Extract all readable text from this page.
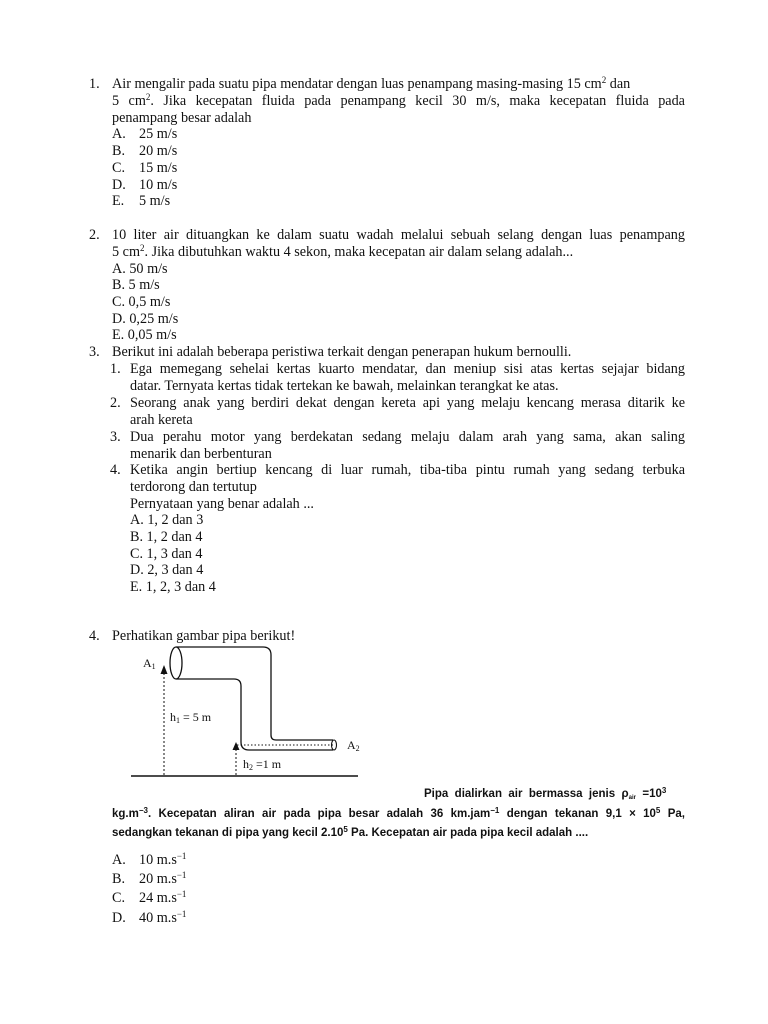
1. Air mengalir pada suatu pipa mendatar dengan luas penampang masing-masing 15 $cm^2$ dan
5 $cm^2$. Jika kecepatan fluida pada penampang kecil 30 m/s, maka kecepatan fluida pada
penampang besar adalah
A. 25 m/s
B. 20 m/s
C. 15 m/s
D. 10 m/s
E. 5 m/s
2. 10 liter air dituangkan ke dalam suatu wadah melalui sebuah selang dengan luas penampang
5 $cm^2$. Jika dibutuhkan waktu 4 sekon, maka kecepatan air dalam selang adalah...
A. 50 m/s
B. 5 m/s
C. 0,5 m/s
D. 0,25 m/s
E. 0,05 m/s
3. Berikut ini adalah beberapa peristiwa terkait dengan penerapan hukum bernoulli.
1. Ega memegang sehelai kertas kuarto mendatar, dan meniup sisi atas kertas sejajar bidang
datar. Ternyata kertas tidak tertekan ke bawah, melainkan terangkat ke atas.
2. Seorang anak yang berdiri dekat dengan kereta api yang melaju kencang merasa ditarik ke
arah kereta
3. Dua perahu motor yang berdekatan sedang melaju dalam arah yang sama, akan saling
menarik dan berbenturan
4. Ketika angin bertiup kencang di luar rumah, tiba-tiba pintu rumah yang sedang terbuka
terdorong dan tertutup
Pernyataan yang benar adalah ...
A. 1, 2 dan 3
B. 1, 2 dan 4
C. 1, 3 dan 4
D. 2, 3 dan 4
E. 1, 2, 3 dan 4
4. Perhatikan gambar pipa berikut!
$A_1$
$A_2$
$h_1 = 5$ m
$h_2 =1$ m
Pipa  dialirkan  air  bermassa  jenis  $\rho_{air} =10^3$
$kg.m^{-3}$. Kecepatan aliran air pada pipa besar adalah 36 km.jam$^{-1}$ dengan tekanan $9,1 \times 10^5$ Pa,
sedangkan tekanan di pipa yang kecil 2.10$^5$ Pa. Kecepatan air pada pipa kecil adalah ....
A. 10 $m.s^{-1}$
B. 20 $m.s^{-1}$
C. 24 $m.s^{-1}$
D. 40 $m.s^{-1}$
